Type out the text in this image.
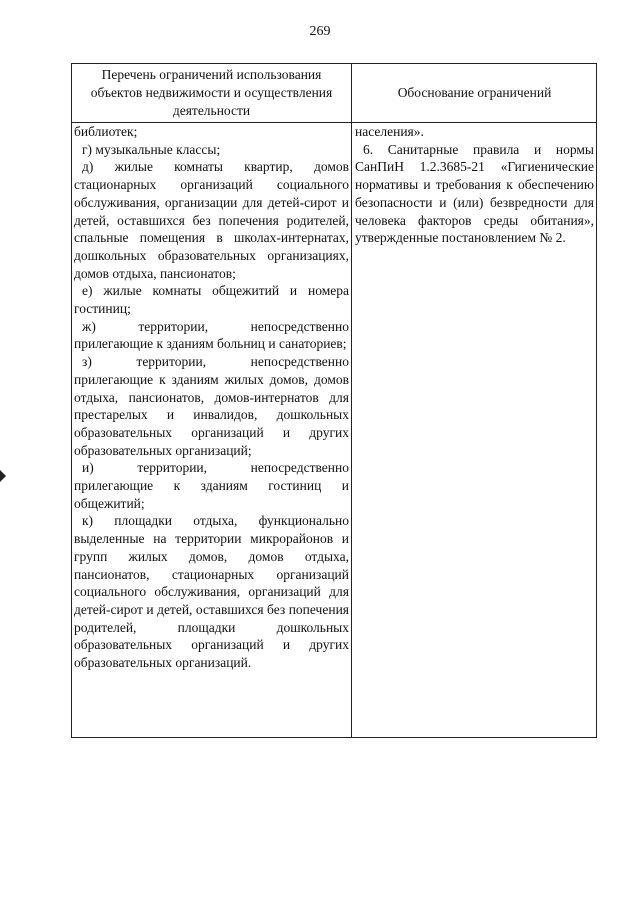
269
Перечень ограничений использования объектов недвижимости и осуществления деятельности
Обоснование ограничений

библиотек;

г) музыкальные классы;

д) жилые комнаты квартир, домов стационарных организаций социального обслуживания, организации для детей-сирот и детей, оставшихся без попечения родителей, спальные помещения в школах-интернатах, дошкольных образовательных организациях, домов отдыха, пансионатов;

е) жилые комнаты общежитий и номера гостиниц;

ж) территории, непосредственно прилегающие к зданиям больниц и санаториев;

з) территории, непосредственно прилегающие к зданиям жилых домов, домов отдыха, пансионатов, домов-интернатов для престарелых и инвалидов, дошкольных образовательных организаций и других образовательных организаций;

и) территории, непосредственно прилегающие к зданиям гостиниц и общежитий;

к) площадки отдыха, функционально выделенные на территории микрорайонов и групп жилых домов, домов отдыха, пансионатов, стационарных организаций социального обслуживания, организаций для детей-сирот и детей, оставшихся без попечения родителей, площадки дошкольных образовательных организаций и других образовательных организаций.

населения».

6. Санитарные правила и нормы СанПиН 1.2.3685-21 «Гигиенические нормативы и требования к обеспечению безопасности и (или) безвредности для человека факторов среды обитания», утвержденные постановлением № 2.
